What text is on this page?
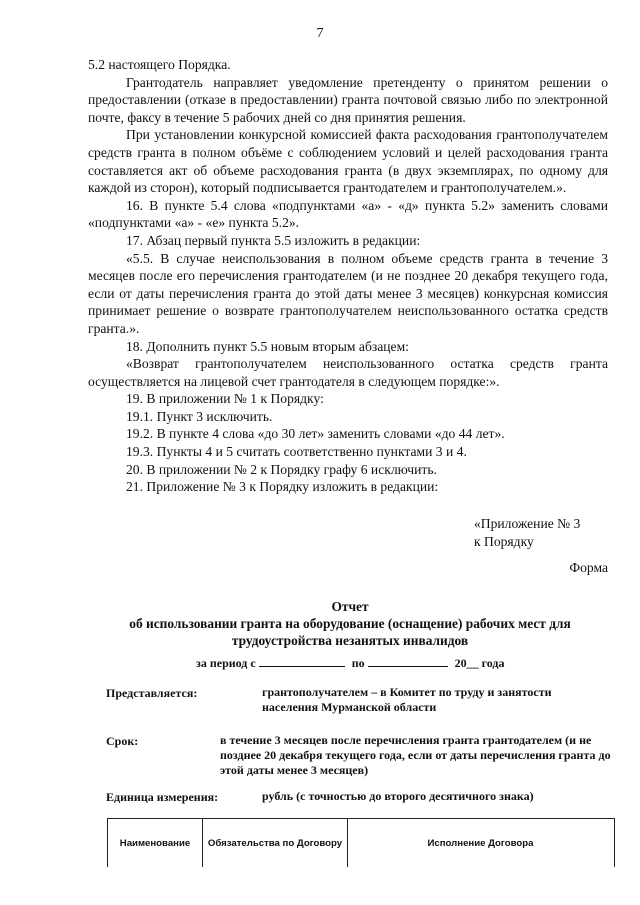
7

5.2 настоящего Порядка.

Грантодатель направляет уведомление претенденту о принятом решении о предоставлении (отказе в предоставлении) гранта почтовой связью либо по электронной почте, факсу в течение 5 рабочих дней со дня принятия решения.

При установлении конкурсной комиссией факта расходования грантополучателем средств гранта в полном объёме с соблюдением условий и целей расходования гранта составляется акт об объеме расходования гранта (в двух экземплярах, по одному для каждой из сторон), который подписывается грантодателем и грантополучателем.».

16. В пункте 5.4 слова «подпунктами «а» - «д» пункта 5.2» заменить словами «подпунктами «а» - «е» пункта 5.2».

17. Абзац первый пункта 5.5 изложить в редакции:

«5.5. В случае неиспользования в полном объеме средств гранта в течение 3 месяцев после его перечисления грантодателем (и не позднее 20 декабря текущего года, если от даты перечисления гранта до этой даты менее 3 месяцев) конкурсная комиссия принимает решение о возврате грантополучателем неиспользованного остатка средств гранта.».

18. Дополнить пункт 5.5 новым вторым абзацем:

«Возврат грантополучателем неиспользованного остатка средств гранта осуществляется на лицевой счет грантодателя в следующем порядке:».

19. В приложении № 1 к Порядку:

19.1. Пункт 3 исключить.

19.2. В пункте 4 слова «до 30 лет» заменить словами «до 44 лет».

19.3. Пункты 4 и 5 считать соответственно пунктами 3 и 4.

20. В приложении № 2 к Порядку графу 6 исключить.

21. Приложение № 3 к Порядку изложить в редакции:

«Приложение № 3
к Порядку
Форма
Отчет
об использовании гранта на оборудование (оснащение) рабочих мест для
трудоустройства незанятых инвалидов
за период с	по	20__ года
Представляется:	грантополучателем – в Комитет по труду и занятости населения Мурманской области
Срок:	в течение 3 месяцев после перечисления гранта грантодателем (и не позднее 20 декабря текущего года, если от даты перечисления гранта до этой даты менее 3 месяцев)
Единица измерения:	рубль (с точностью до второго десятичного знака)
Наименование	Обязательства по Договору	Исполнение Договора
